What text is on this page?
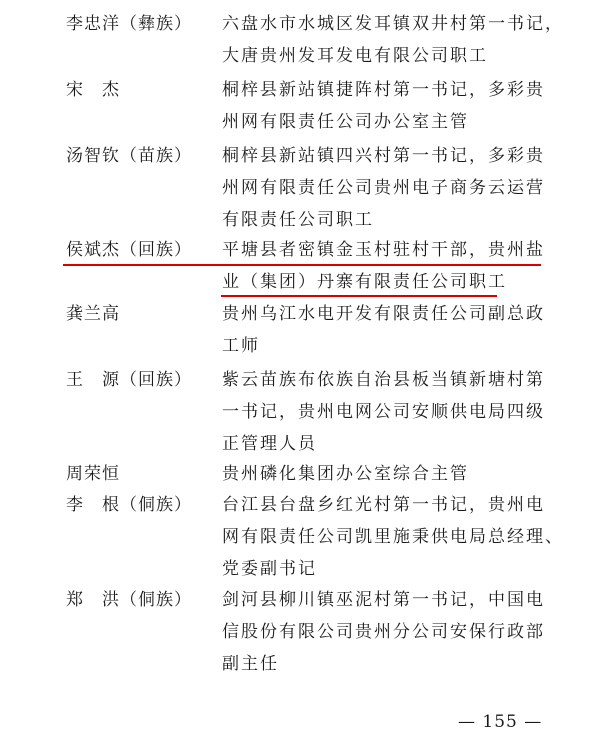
李忠洋（彝族） 六盘水市水城区发耳镇双井村第一书记，
大唐贵州发耳发电有限公司职工
宋　杰	桐梓县新站镇捷阵村第一书记，多彩贵
州网有限责任公司办公室主管
汤智钦（苗族） 桐梓县新站镇四兴村第一书记，多彩贵
州网有限责任公司贵州电子商务云运营
有限责任公司职工
侯斌杰（回族） 平塘县者密镇金玉村驻村干部，贵州盐
业（集团）丹寨有限责任公司职工
龚兰高	贵州乌江水电开发有限责任公司副总政
工师
王　源（回族） 紫云苗族布依族自治县板当镇新塘村第
一书记，贵州电网公司安顺供电局四级
正管理人员
周荣恒	贵州磷化集团办公室综合主管
李　根（侗族） 台江县台盘乡红光村第一书记，贵州电
网有限责任公司凯里施秉供电局总经理、
党委副书记
郑　洪（侗族） 剑河县柳川镇巫泥村第一书记，中国电
信股份有限公司贵州分公司安保行政部
副主任
— 155 —
